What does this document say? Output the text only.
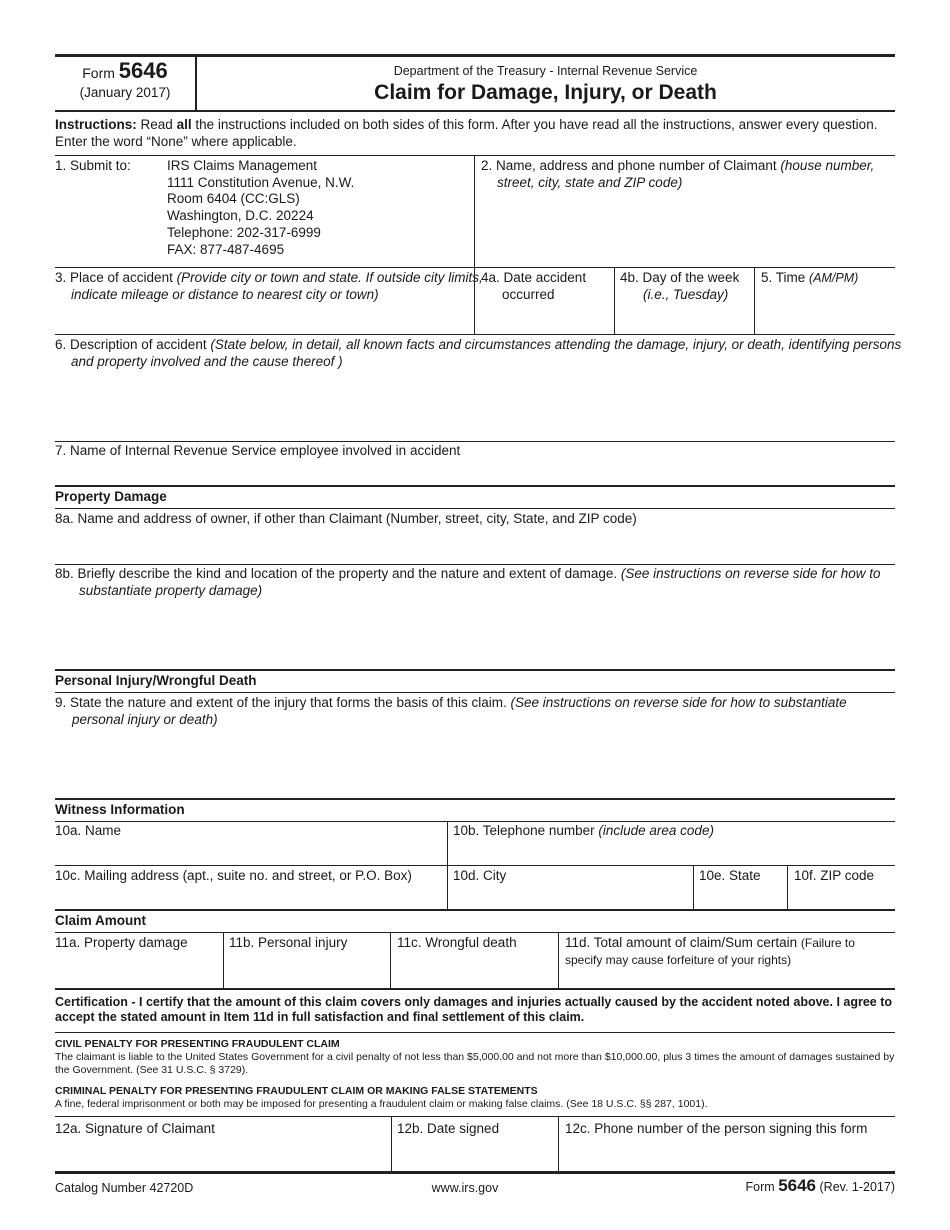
Form 5646
(January 2017)
Department of the Treasury - Internal Revenue Service
Claim for Damage, Injury, or Death
Instructions: Read all the instructions included on both sides of this form. After you have read all the instructions, answer every question. Enter the word “None” where applicable.
1. Submit to:	IRS Claims Management
1111 Constitution Avenue, N.W.
Room 6404 (CC:GLS)
Washington, D.C. 20224
Telephone: 202-317-6999
FAX: 877-487-4695
2. Name, address and phone number of Claimant (house number, street, city, state and ZIP code)
3. Place of accident (Provide city or town and state. If outside city limits, indicate mileage or distance to nearest city or town)
4a. Date accident
occurred
4b. Day of the week
(i.e., Tuesday)
5. Time (AM/PM)
6. Description of accident (State below, in detail, all known facts and circumstances attending the damage, injury, or death, identifying persons and property involved and the cause thereof )
7. Name of Internal Revenue Service employee involved in accident
Property Damage
8a. Name and address of owner, if other than Claimant (Number, street, city, State, and ZIP code)
8b. Briefly describe the kind and location of the property and the nature and extent of damage. (See instructions on reverse side for how to substantiate property damage)
Personal Injury/Wrongful Death
9. State the nature and extent of the injury that forms the basis of this claim. (See instructions on reverse side for how to substantiate personal injury or death)
Witness Information
10a. Name	10b. Telephone number (include area code)
10c. Mailing address (apt., suite no. and street, or P.O. Box)	10d. City	10e. State 10f. ZIP code
Claim Amount
11a. Property damage	11b. Personal injury	11c. Wrongful death	11d. Total amount of claim/Sum certain (Failure to specify may cause forfeiture of your rights)
Certification - I certify that the amount of this claim covers only damages and injuries actually caused by the accident noted above. I agree to accept the stated amount in Item 11d in full satisfaction and final settlement of this claim.
CIVIL PENALTY FOR PRESENTING FRAUDULENT CLAIM
The claimant is liable to the United States Government for a civil penalty of not less than $5,000.00 and not more than $10,000.00, plus 3 times the amount of damages sustained by the Government. (See 31 U.S.C. § 3729).
CRIMINAL PENALTY FOR PRESENTING FRAUDULENT CLAIM OR MAKING FALSE STATEMENTS
A fine, federal imprisonment or both may be imposed for presenting a fraudulent claim or making false claims. (See 18 U.S.C. §§ 287, 1001).
12a. Signature of Claimant	12b. Date signed	12c. Phone number of the person signing this form
Catalog Number 42720D	www.irs.gov	Form 5646 (Rev. 1-2017)
